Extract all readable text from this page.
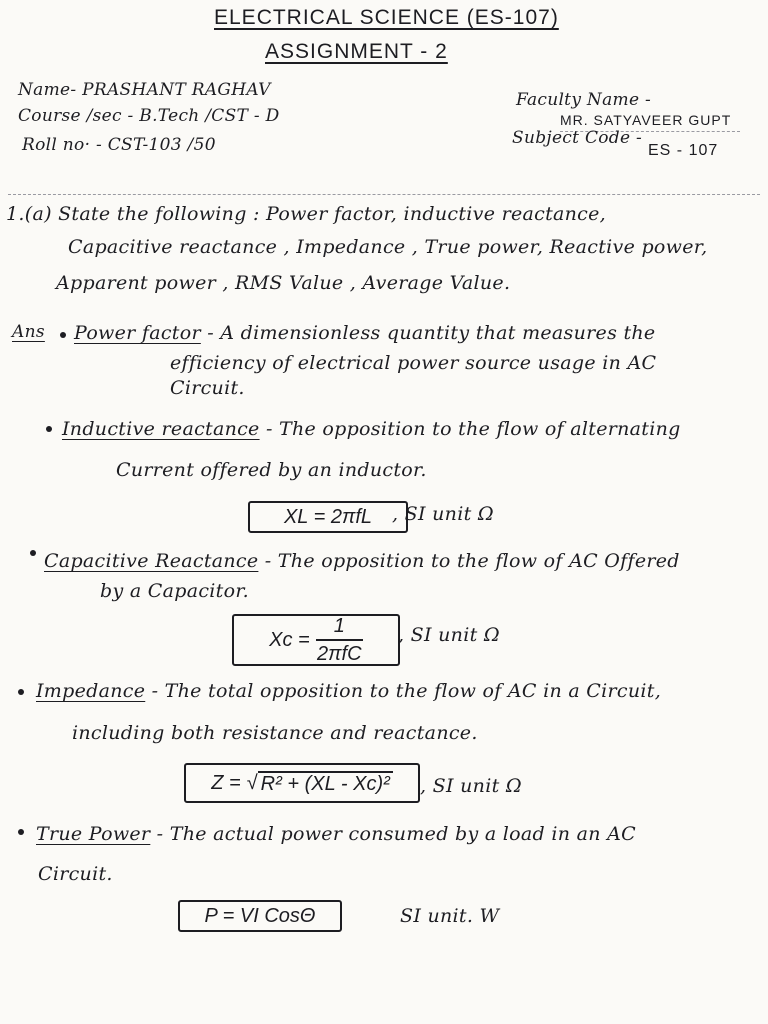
ELECTRICAL SCIENCE (ES-107)
ASSIGNMENT - 2
Name- PRASHANT RAGHAV
Course /sec - B.Tech /CST - D
Roll no· - CST-103 /50
Faculty Name -
MR. SATYAVEER GUPT
Subject Code -
ES - 107
1.(a) State the following : Power factor, inductive reactance,
Capacitive reactance , Impedance , True power, Reactive power,
Apparent power , RMS Value , Average Value.
Ans Power factor - A dimensionless quantity that measures the
efficiency of electrical power source usage in AC
Circuit.
Inductive reactance - The opposition to the flow of alternating
Current offered by an inductor.
XL = 2πfL	, SI unit Ω
Capacitive Reactance - The opposition to the flow of AC Offered
by a Capacitor.
$Xc = \frac{1}{\text{2πfC}}$ , SI unit Ω
Impedance - The total opposition to the flow of AC in a Circuit,
including both resistance and reactance.
Z = √ R² + (XL - Xc)² , SI unit Ω
True Power - The actual power consumed by a load in an AC
Circuit.
P = VI CosΘ	SI unit. W
